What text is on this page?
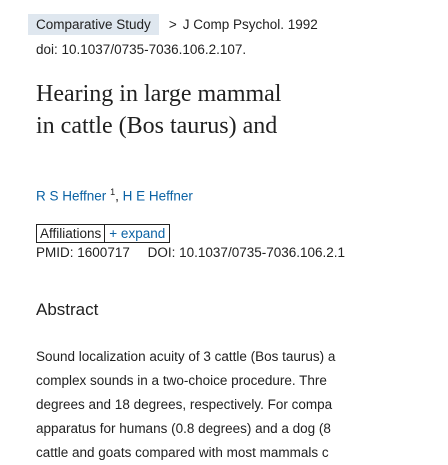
Comparative Study	> J Comp Psychol. 1992
doi: 10.1037/0735-7036.106.2.107.
Hearing in large mammal
in cattle (Bos taurus) and
R S Heffner $^1$, H E Heffner
Affiliations + expand
PMID: 1600717 DOI: 10.1037/0735-7036.106.2.1
Abstract

Sound localization acuity of 3 cattle (Bos taurus) a
complex sounds in a two-choice procedure. Thre
degrees and 18 degrees, respectively. For compa
apparatus for humans (0.8 degrees) and a dog (8
cattle and goats compared with most mammals c
